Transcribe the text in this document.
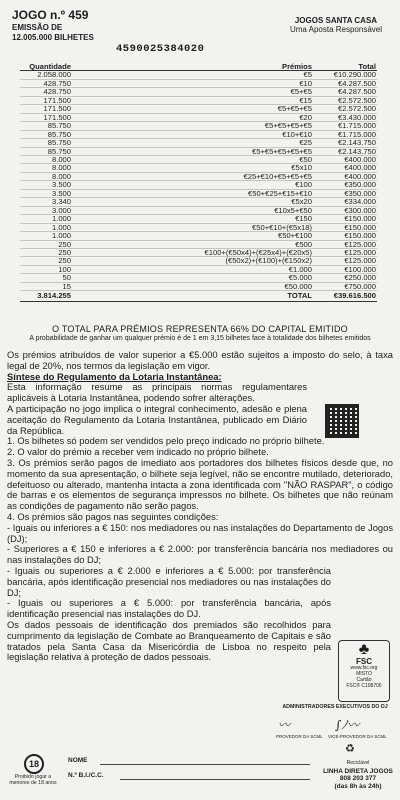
JOGO n.º 459
EMISSÃO DE
12.005.000 BILHETES
JOGOS SANTA CASA
Uma Aposta Responsável
4590025384020
Quantidade	Prémios	Total
2.058.000	€5	€10.290.000
428.750	€10	€4.287.500
428.750	€5+€5	€4.287.500
171.500	€15	€2.572.500
171.500	€5+€5+€5	€2.572.500
171.500	€20	€3.430.000
85.750	€5+€5+€5+€5	€1.715.000
85.750	€10+€10	€1.715.000
85.750	€25	€2.143.750
85.750	€5+€5+€5+€5+€5	€2.143.750
8.000	€50	€400.000
8.000	€5x10	€400.000
8.000	€25+€10+€5+€5+€5	€400.000
3.500	€100	€350.000
3.500	€50+€25+€15+€10	€350.000
3.340	€5x20	€334.000
3.000	€10x5+€50	€300.000
1.000	€150	€150.000
1.000	€50+€10+(€5x18)	€150.000
1.000	€50+€100	€150.000
250	€500	€125.000
250	€100+(€50x4)+(€25x4)+(€20x5)	€125.000
250	(€50x2)+(€100)+(€150x2)	€125.000
100	€1.000	€100.000
50	€5.000	€250.000
15	€50.000	€750.000
3.814.255	TOTAL	€39.616.500
O TOTAL PARA PRÉMIOS REPRESENTA 66% DO CAPITAL EMITIDO
A probabilidade de ganhar um qualquer prémio é de 1 em 3,15 bilhetes face à totalidade dos bilhetes emitidos

Os prémios atribuídos de valor superior a €5.000 estão sujeitos a imposto do selo, à taxa legal de 20%, nos termos da legislação em vigor.

Síntese do Regulamento da Lotaria Instantânea:

Esta informação resume as principais normas regulamentares aplicáveis à Lotaria Instantânea, podendo sofrer alterações.

A participação no jogo implica o integral conhecimento, adesão e plena aceitação do Regulamento da Lotaria Instantânea, publicado em Diário da República.

1. Os bilhetes só podem ser vendidos pelo preço indicado no próprio bilhete.

2. O valor do prémio a receber vem indicado no próprio bilhete.

3. Os prémios serão pagos de imediato aos portadores dos bilhetes físicos desde que, no momento da sua apresentação, o bilhete seja legível, não se encontre mutilado, deteriorado, defeituoso ou alterado, mantenha intacta a zona identificada com "NÃO RASPAR", o código de barras e os elementos de segurança impressos no bilhete. Os bilhetes que não reúnam as condições de pagamento não serão pagos.

4. Os prémios são pagos nas seguintes condições:

- Iguais ou inferiores a € 150: nos mediadores ou nas instalações do Departamento de Jogos (DJ);

- Superiores a € 150 e inferiores a € 2.000: por transferência bancária nos mediadores ou nas instalações do DJ;

- Iguais ou superiores a € 2.000 e inferiores a € 5.000: por transferência bancária, após identificação presencial nos mediadores ou nas instalações do DJ;

- Iguais ou superiores a € 5.000: por transferência bancária, após identificação presencial nas instalações do DJ.

Os dados pessoais de identificação dos premiados são recolhidos para cumprimento da legislação de Combate ao Branqueamento de Capitais e são tratados pela Santa Casa da Misericórdia de Lisboa no respeito pela legislação relativa à proteção de dados pessoais.	♣
FSC
www.fsc.org
MISTO
Cartão
FSC® C108706
ADMINISTRADORES EXECUTIVOS DO DJ
〰	∫ﾉ〰
PROVEDOR DA SCML VICE-PROVEDOR DA SCML
18
Proibido jogar a menores de 18 anos
NOME
N.º B.I./C.C.
♻
Reciclável
LINHA DIRETA JOGOS
808 203 377
(das 8h às 24h)
